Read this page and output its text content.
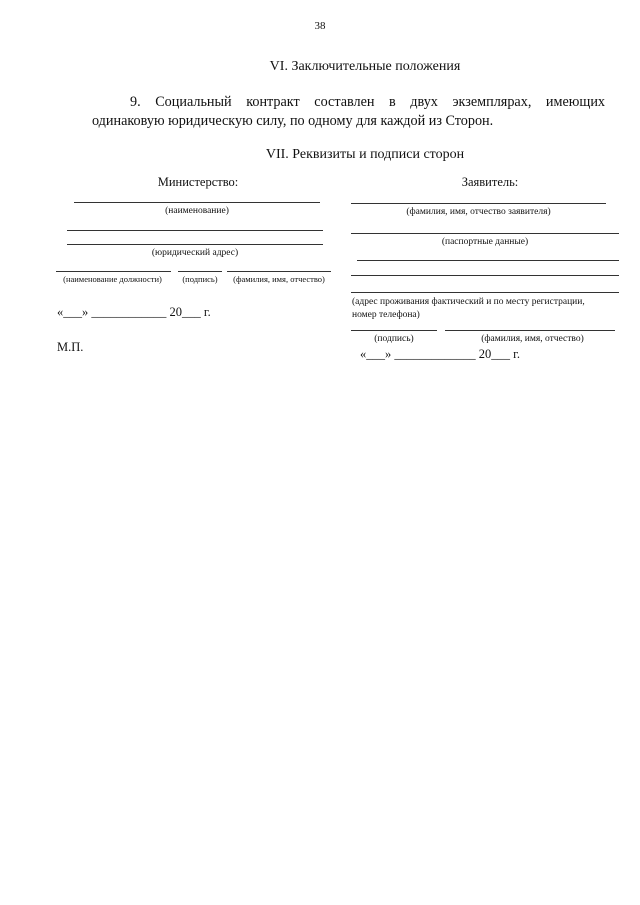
38
VI. Заключительные положения
9. Социальный контракт составлен в двух экземплярах, имеющих
одинаковую юридическую силу, по одному для каждой из Сторон.
VII. Реквизиты и подписи сторон
Министерство:
(наименование)
(юридический адрес)
(наименование должности)	(подпись)	(фамилия, имя, отчество)
«___» ____________ 20___ г.
М.П.
Заявитель:
(фамилия, имя, отчество заявителя)
(паспортные данные)
(адрес проживания фактический и по месту регистрации,
номер телефона)
(подпись)	(фамилия, имя, отчество)
«___» _____________ 20___ г.
